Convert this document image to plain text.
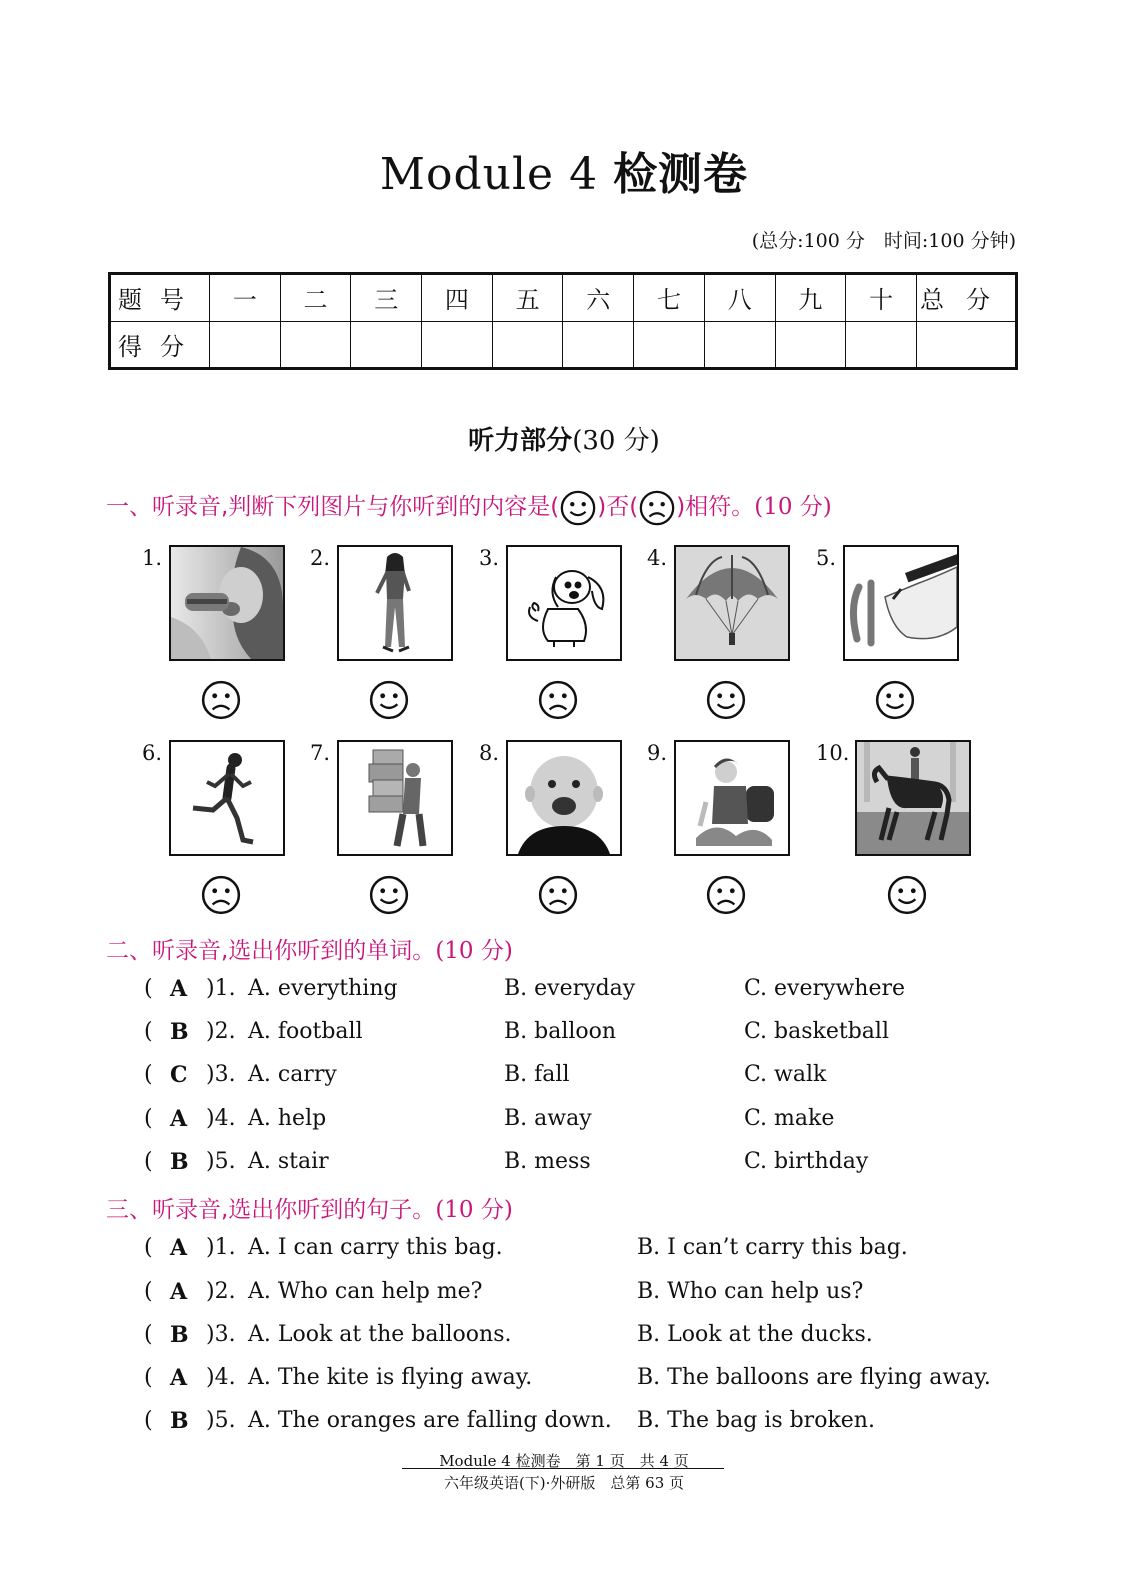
Module 4 检测卷
(总分:100 分　时间:100 分钟)
题号	一	二	三	四	五	六	七	八	九	十	总分
得分											
听力部分(30 分)
一、听录音,判断下列图片与你听到的内容是( )否( )相符。(10 分)
1.	2.	3.	4.	5.
6.	7.	8.	9.	10.
二、听录音,选出你听到的单词。(10 分)
( A )1. A. everything	B. everyday	C. everywhere
( B )2. A. football	B. balloon	C. basketball
( C )3. A. carry	B. fall	C. walk
( A )4. A. help	B. away	C. make
( B )5. A. stair	B. mess	C. birthday
三、听录音,选出你听到的句子。(10 分)
( A )1. A. I can carry this bag.	B. I can’t carry this bag.
( A )2. A. Who can help me?	B. Who can help us?
( B )3. A. Look at the balloons.	B. Look at the ducks.
( A )4. A. The kite is flying away.	B. The balloons are flying away.
( B )5. A. The oranges are falling down. B. The bag is broken.
Module 4 检测卷　第 1 页　共 4 页
六年级英语(下)·外研版　总第 63 页
